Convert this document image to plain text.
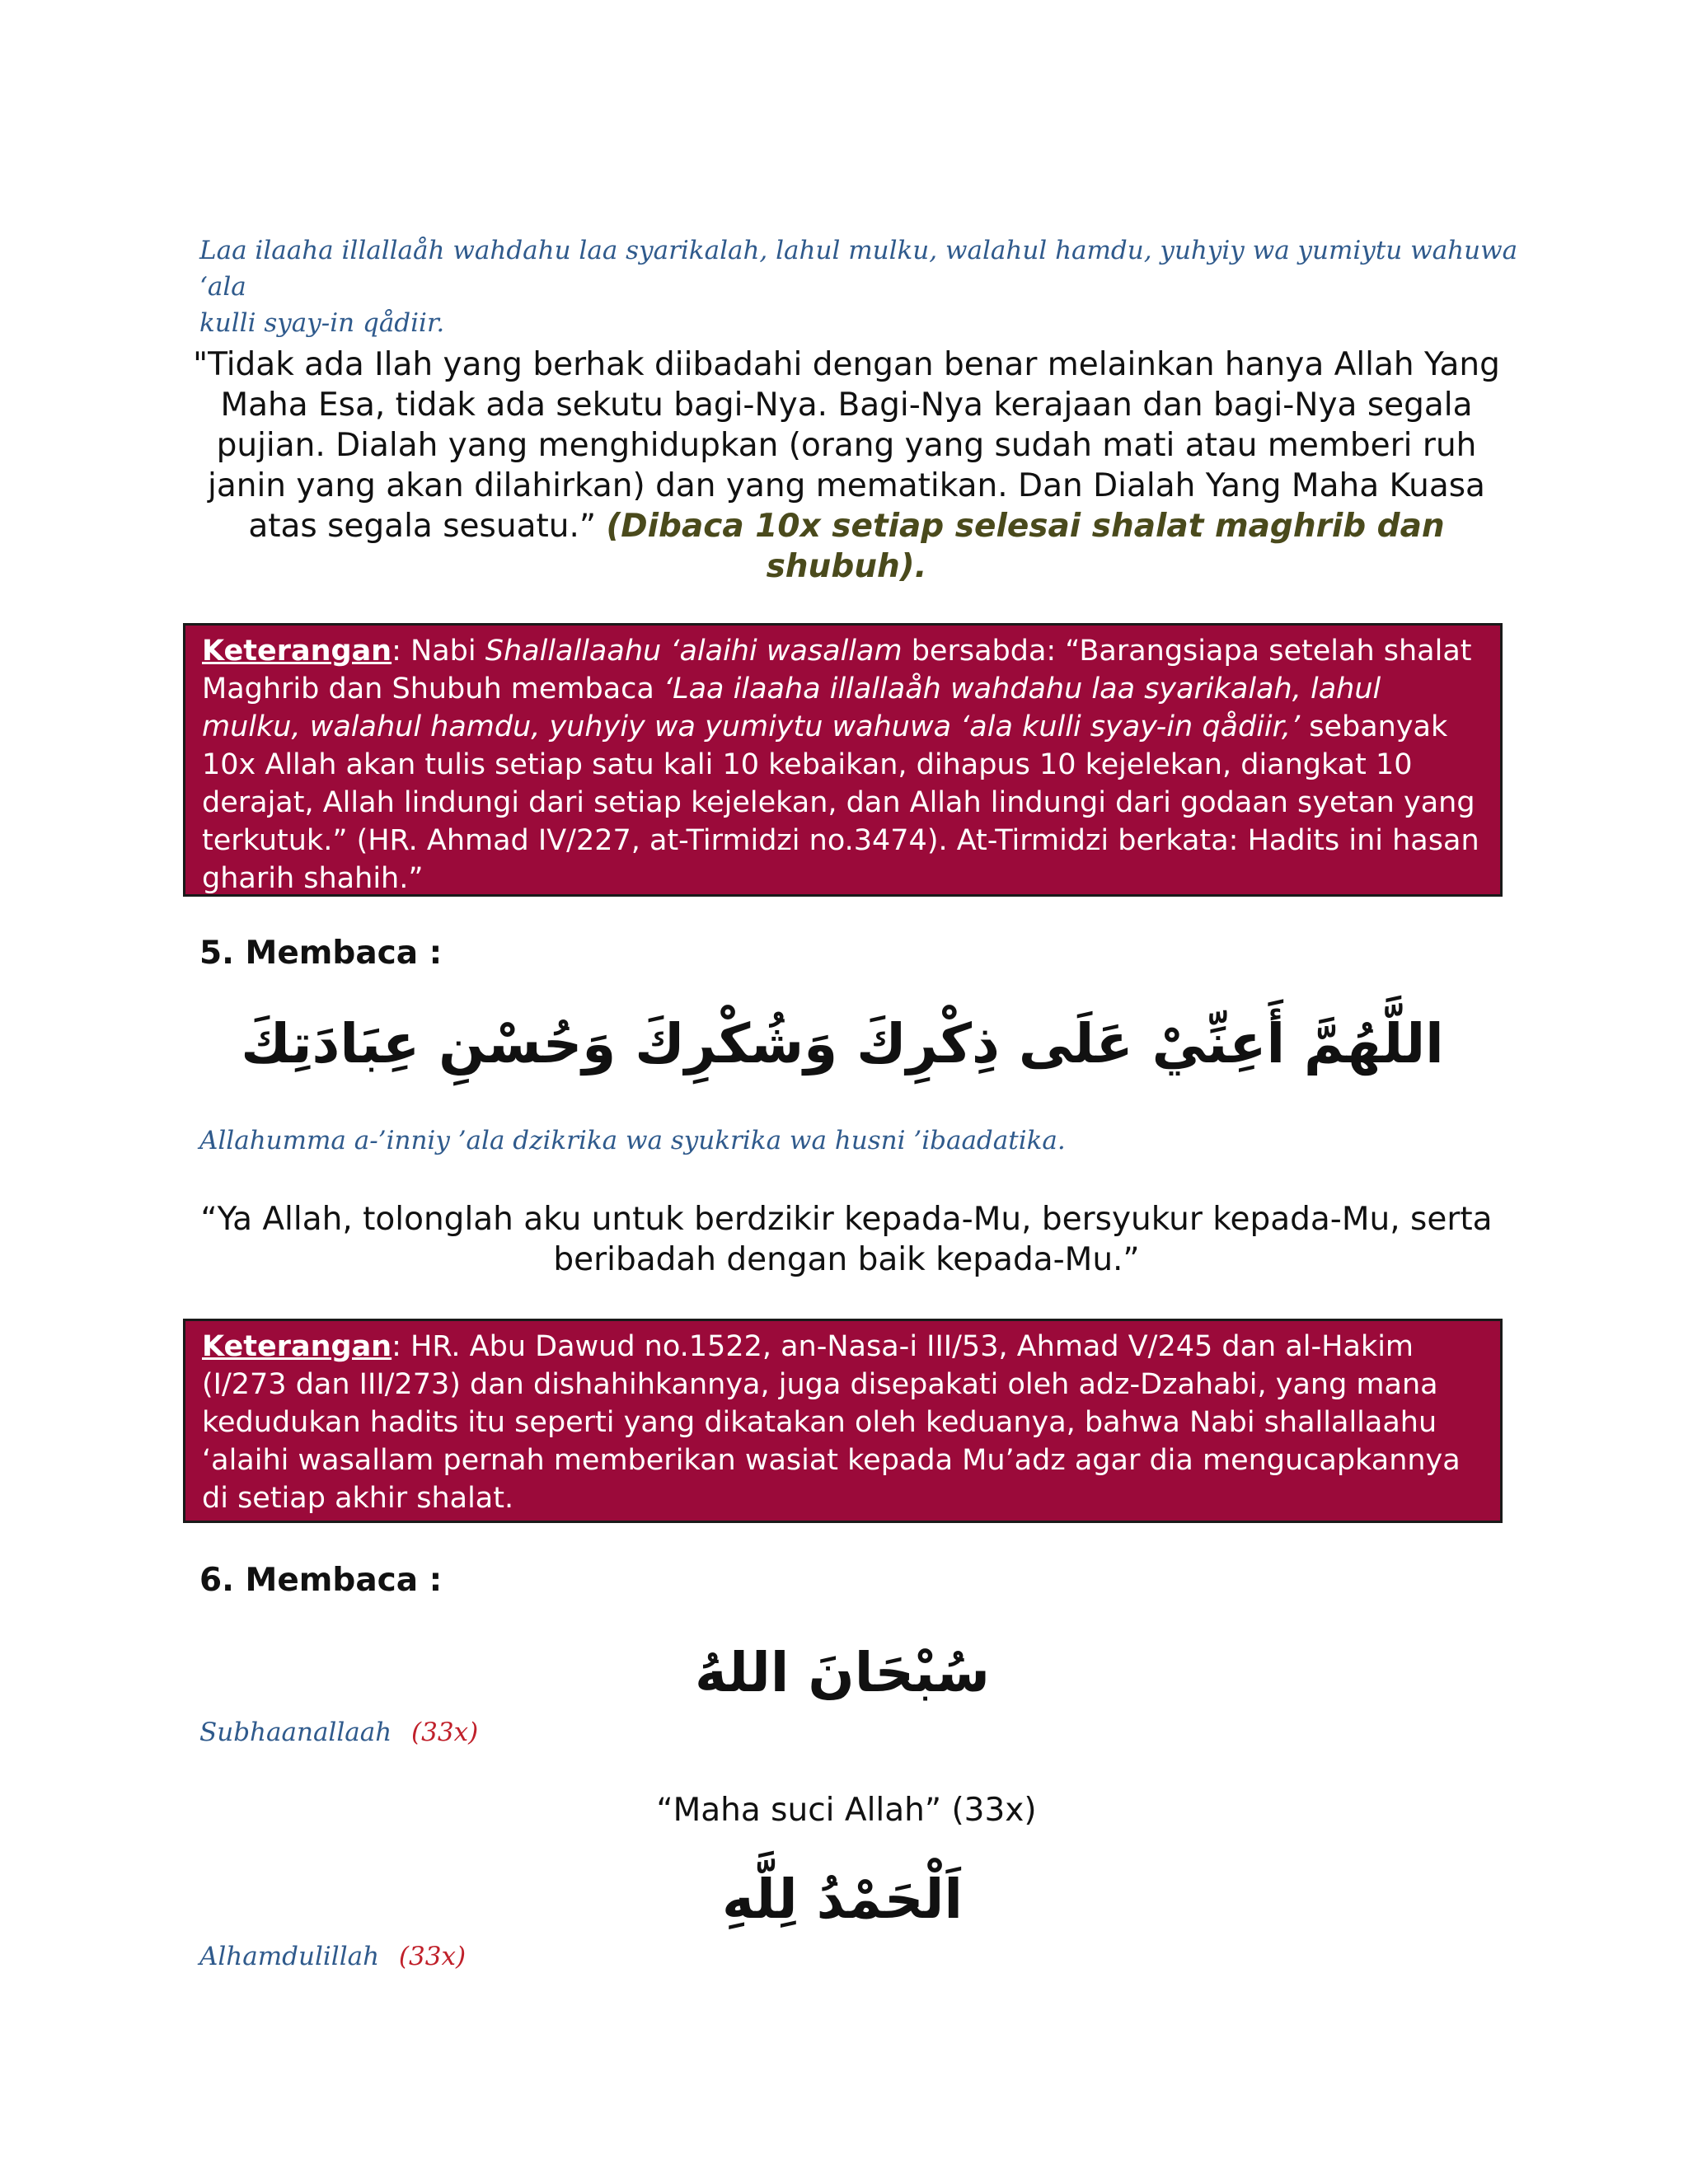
Laa ilaaha illallaåh wahdahu laa syarikalah, lahul mulku, walahul hamdu, yuhyiy wa yumiytu wahuwa ‘ala
kulli syay-in qådiir.
"Tidak ada Ilah yang berhak diibadahi dengan benar melainkan hanya Allah Yang Maha Esa, tidak ada sekutu bagi-Nya. Bagi-Nya kerajaan dan bagi-Nya segala pujian. Dialah yang menghidupkan (orang yang sudah mati atau memberi ruh janin yang akan dilahirkan) dan yang mematikan. Dan Dialah Yang Maha Kuasa atas segala sesuatu.” (Dibaca 10x setiap selesai shalat maghrib dan shubuh).
Keterangan: Nabi Shallallaahu ‘alaihi wasallam bersabda: “Barangsiapa setelah shalat Maghrib dan Shubuh membaca ‘Laa ilaaha illallaåh wahdahu laa syarikalah, lahul mulku, walahul hamdu, yuhyiy wa yumiytu wahuwa ‘ala kulli syay-in qådiir,’ sebanyak 10x Allah akan tulis setiap satu kali 10 kebaikan, dihapus 10 kejelekan, diangkat 10 derajat, Allah lindungi dari setiap kejelekan, dan Allah lindungi dari godaan syetan yang terkutuk.” (HR. Ahmad IV/227, at-Tirmidzi no.3474). At-Tirmidzi berkata: Hadits ini hasan gharih shahih.”
5. Membaca :
اللَّهُمَّ أَعِنِّيْ عَلَى ذِكْرِكَ وَشُكْرِكَ وَحُسْنِ عِبَادَتِكَ
Allahumma a-’inniy ’ala dzikrika wa syukrika wa husni ’ibaadatika.
“Ya Allah, tolonglah aku untuk berdzikir kepada-Mu, bersyukur kepada-Mu, serta beribadah dengan baik kepada-Mu.”
Keterangan: HR. Abu Dawud no.1522, an-Nasa-i III/53, Ahmad V/245 dan al-Hakim (I/273 dan III/273) dan dishahihkannya, juga disepakati oleh adz-Dzahabi, yang mana kedudukan hadits itu seperti yang dikatakan oleh keduanya, bahwa Nabi shallallaahu ‘alaihi wasallam pernah memberikan wasiat kepada Mu’adz agar dia mengucapkannya di setiap akhir shalat.
6. Membaca :
سُبْحَانَ اللهُ
Subhaanallaah (33x)
“Maha suci Allah” (33x)
اَلْحَمْدُ لِلَّهِ
Alhamdulillah (33x)
